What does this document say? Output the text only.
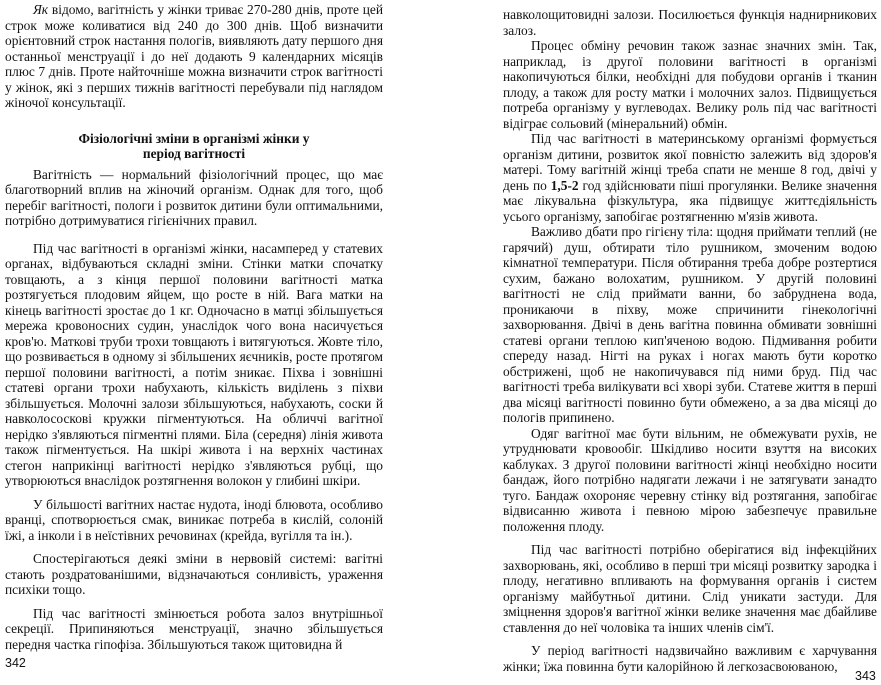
Як відомо, вагітність у жінки триває 270-280 днів, проте цей строк може коливатися від 240 до 300 днів. Щоб визначити орієнтовний строк настання пологів, виявляють дату першого дня останньої менструації і до неї додають 9 календарних місяців плюс 7 днів. Проте найточніше можна визначити строк вагітності у жінок, які з перших тижнів вагітності перебували під наглядом жіночої консультації.

Фізіологічні зміни в організмі жінки у
період вагітності

Вагітність — нормальний фізіологічний процес, що має благотворний вплив на жіночий організм. Однак для того, щоб перебіг вагітності, пологи і розвиток дитини були оптимальними, потрібно дотримуватися гігієнічних правил.

Під час вагітності в організмі жінки, насамперед у статевих органах, відбуваються складні зміни. Стінки матки спочатку товщають, а з кінця першої половини вагітності матка розтягується плодовим яйцем, що росте в ній. Вага матки на кінець вагітності зростає до 1 кг. Одночасно в матці збільшується мережа кровоносних судин, унаслідок чого вона насичується кров'ю. Маткові труби трохи товщають і витягуються. Жовте тіло, що розвивається в одному зі збільшених яєчників, росте протягом першої половини вагітності, а потім зникає. Піхва і зовнішні статеві органи трохи набухають, кількість виділень з піхви збільшується. Молочні залози збільшуються, набухають, соски й навколососкові кружки пігментуються. На обличчі вагітної нерідко з'являються пігментні плями. Біла (середня) лінія живота також пігментується. На шкірі живота і на верхніх частинах стегон наприкінці вагітності нерідко з'являються рубці, що утворюються внаслідок розтягнення волокон у глибині шкіри.

У більшості вагітних настає нудота, іноді блювота, особливо вранці, спотворюється смак, виникає потреба в кислій, солоній їжі, а інколи і в неїстівних речовинах (крейда, вугілля та ін.).

Спостерігаються деякі зміни в нервовій системі: вагітні стають роздратованішими, відзначаються сонливість, ураження психіки тощо.

Під час вагітності змінюється робота залоз внутрішньої секреції. Припиняються менструації, значно збільшується передня частка гіпофіза. Збільшуються також щитовидна й

342

навколощитовидні залози. Посилюється функція наднирникових залоз.

Процес обміну речовин також зазнає значних змін. Так, наприклад, із другої половини вагітності в організмі накопичуються білки, необхідні для побудови органів і тканин плоду, а також для росту матки і молочних залоз. Підвищується потреба організму у вуглеводах. Велику роль під час вагітності відіграє сольовий (мінеральний) обмін.

Під час вагітності в материнському організмі формується організм дитини, розвиток якої повністю залежить від здоров'я матері. Тому вагітній жінці треба спати не менше 8 год, двічі у день по 1,5-2 год здійснювати піші прогулянки. Велике значення має лікувальна фізкультура, яка підвищує життєдіяльність усього організму, запобігає розтягненню м'язів живота.

Важливо дбати про гігієну тіла: щодня приймати теплий (не гарячий) душ, обтирати тіло рушником, змоченим водою кімнатної температури. Після обтирання треба добре розтертися сухим, бажано волохатим, рушником. У другій половині вагітності не слід приймати ванни, бо забруднена вода, проникаючи в піхву, може спричинити гінекологічні захворювання. Двічі в день вагітна повинна обмивати зовнішні статеві органи теплою кип'яченою водою. Підмивання робити спереду назад. Нігті на руках і ногах мають бути коротко обстрижені, щоб не накопичувався під ними бруд. Під час вагітності треба вилікувати всі хворі зуби. Статеве життя в перші два місяці вагітності повинно бути обмежено, а за два місяці до пологів припинено.

Одяг вагітної має бути вільним, не обмежувати рухів, не утруднювати кровообіг. Шкідливо носити взуття на високих каблуках. З другої половини вагітності жінці необхідно носити бандаж, його потрібно надягати лежачи і не затягувати занадто туго. Бандаж охороняє черевну стінку від розтягання, запобігає відвисанню живота і певною мірою забезпечує правильне положення плоду.

Під час вагітності потрібно оберігатися від інфекційних захворювань, які, особливо в перші три місяці розвитку зародка і плоду, негативно впливають на формування органів і систем організму майбутньої дитини. Слід уникати застуди. Для зміцнення здоров'я вагітної жінки велике значення має дбайливе ставлення до неї чоловіка та інших членів сім'ї.

У період вагітності надзвичайно важливим є харчування жінки; їжа повинна бути калорійною й легкозасвоюваною,

343
